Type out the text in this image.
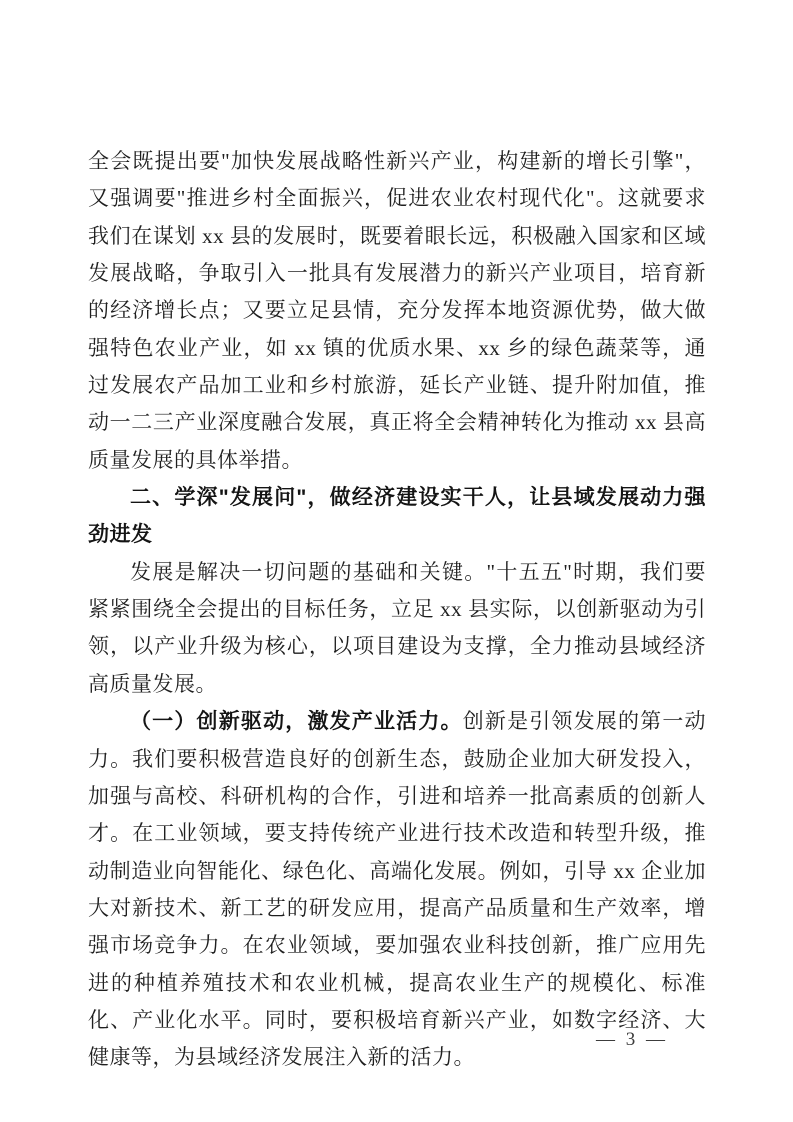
全会既提出要"加快发展战略性新兴产业，构建新的增长引擎"，又强调要"推进乡村全面振兴，促进农业农村现代化"。这就要求我们在谋划 xx 县的发展时，既要着眼长远，积极融入国家和区域发展战略，争取引入一批具有发展潜力的新兴产业项目，培育新的经济增长点；又要立足县情，充分发挥本地资源优势，做大做强特色农业产业，如 xx 镇的优质水果、xx 乡的绿色蔬菜等，通过发展农产品加工业和乡村旅游，延长产业链、提升附加值，推动一二三产业深度融合发展，真正将全会精神转化为推动 xx 县高质量发展的具体举措。

二、学深"发展问"，做经济建设实干人，让县域发展动力强劲进发

发展是解决一切问题的基础和关键。"十五五"时期，我们要紧紧围绕全会提出的目标任务，立足 xx 县实际，以创新驱动为引领，以产业升级为核心，以项目建设为支撑，全力推动县域经济高质量发展。

（一）创新驱动，激发产业活力。创新是引领发展的第一动力。我们要积极营造良好的创新生态，鼓励企业加大研发投入，加强与高校、科研机构的合作，引进和培养一批高素质的创新人才。在工业领域，要支持传统产业进行技术改造和转型升级，推动制造业向智能化、绿色化、高端化发展。例如，引导 xx 企业加大对新技术、新工艺的研发应用，提高产品质量和生产效率，增强市场竞争力。在农业领域，要加强农业科技创新，推广应用先进的种植养殖技术和农业机械，提高农业生产的规模化、标准化、产业化水平。同时，要积极培育新兴产业，如数字经济、大健康等，为县域经济发展注入新的活力。

— 3 —
